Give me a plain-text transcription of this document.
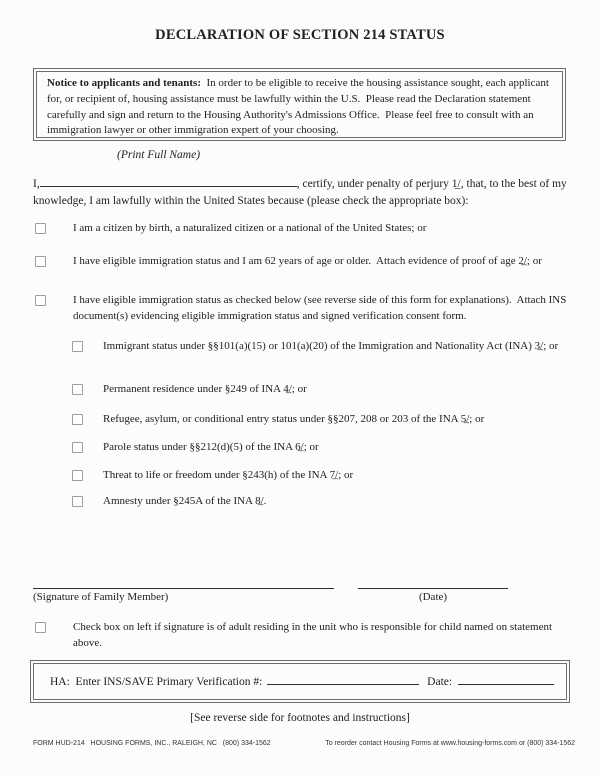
DECLARATION OF SECTION 214 STATUS

Notice to applicants and tenants:  In order to be eligible to receive the housing assistance sought, each applicant for, or recipient of, housing assistance must be lawfully within the U.S.  Please read the Declaration statement carefully and sign and return to the Housing Authority's Admissions Office.  Please feel free to consult with an immigration lawyer or other immigration expert of your choosing.

(Print Full Name)

I,	, certify, under penalty of perjury 1̲/, that, to the best of my knowledge, I am lawfully within the United States because (please check the appropriate box):

I am a citizen by birth, a naturalized citizen or a national of the United States; or
I have eligible immigration status and I am 62 years of age or older.  Attach evidence of proof of age 2̲/; or
I have eligible immigration status as checked below (see reverse side of this form for explanations).  Attach INS document(s) evidencing eligible immigration status and signed verification consent form.
Immigrant status under §§101(a)(15) or 101(a)(20) of the Immigration and Nationality Act (INA) 3̲/; or
Permanent residence under §249 of INA 4̲/; or
Refugee, asylum, or conditional entry status under §§207, 208 or 203 of the INA 5̲/; or
Parole status under §§212(d)(5) of the INA 6̲/; or
Threat to life or freedom under §243(h) of the INA 7̲/; or
Amnesty under §245A of the INA 8̲/.
(Signature of Family Member)	(Date)
Check box on left if signature is of adult residing in the unit who is responsible for child named on statement above.
HA:  Enter INS/SAVE Primary Verification #:	Date:
[See reverse side for footnotes and instructions]
FORM HUD-214   HOUSING FORMS, INC., RALEIGH, NC   (800) 334-1562	To reorder contact Housing Forms at www.housing-forms.com or (800) 334-1562
